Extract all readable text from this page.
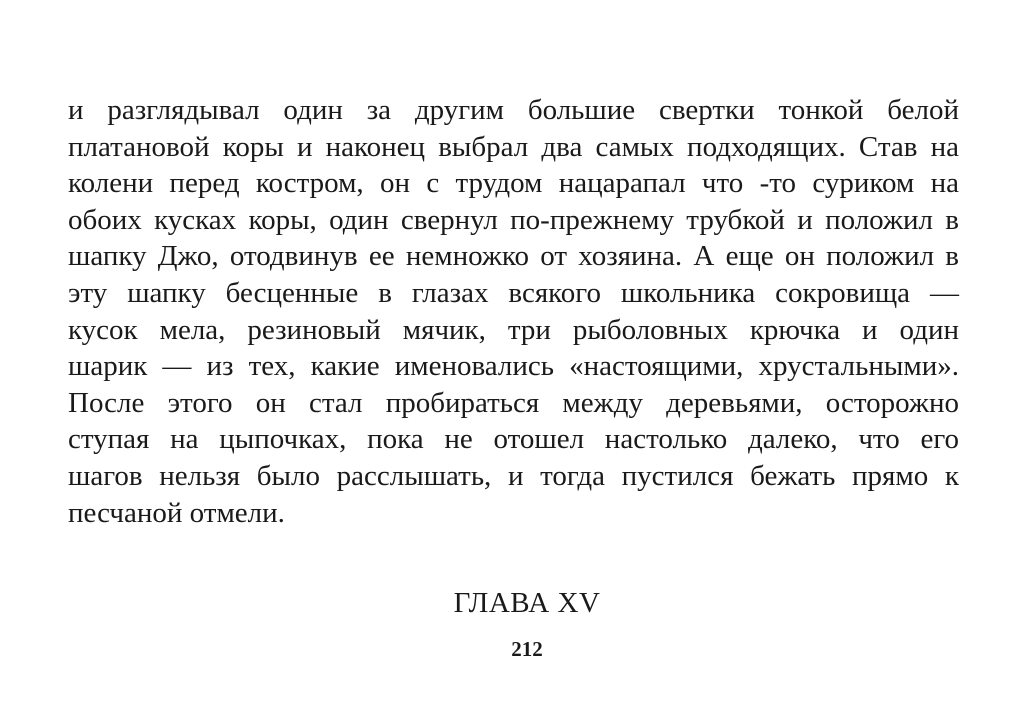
и разглядывал один за другим большие свертки тонкой белой
платановой коры и наконец выбрал два самых подходящих. Став на
колени перед костром, он с трудом нацарапал что -то суриком на
обоих кусках коры, один свернул по-прежнему трубкой и положил в
шапку Джо, отодвинув ее немножко от хозяина. А еще он положил в
эту шапку бесценные в глазах всякого школьника сокровища —
кусок мела, резиновый мячик, три рыболовных крючка и один
шарик — из тех, какие именовались «настоящими, хрустальными».
После этого он стал пробираться между деревьями, осторожно
ступая на цыпочках, пока не отошел настолько далеко, что его
шагов нельзя было расслышать, и тогда пустился бежать прямо к
песчаной отмели.
ГЛАВА XV
212
